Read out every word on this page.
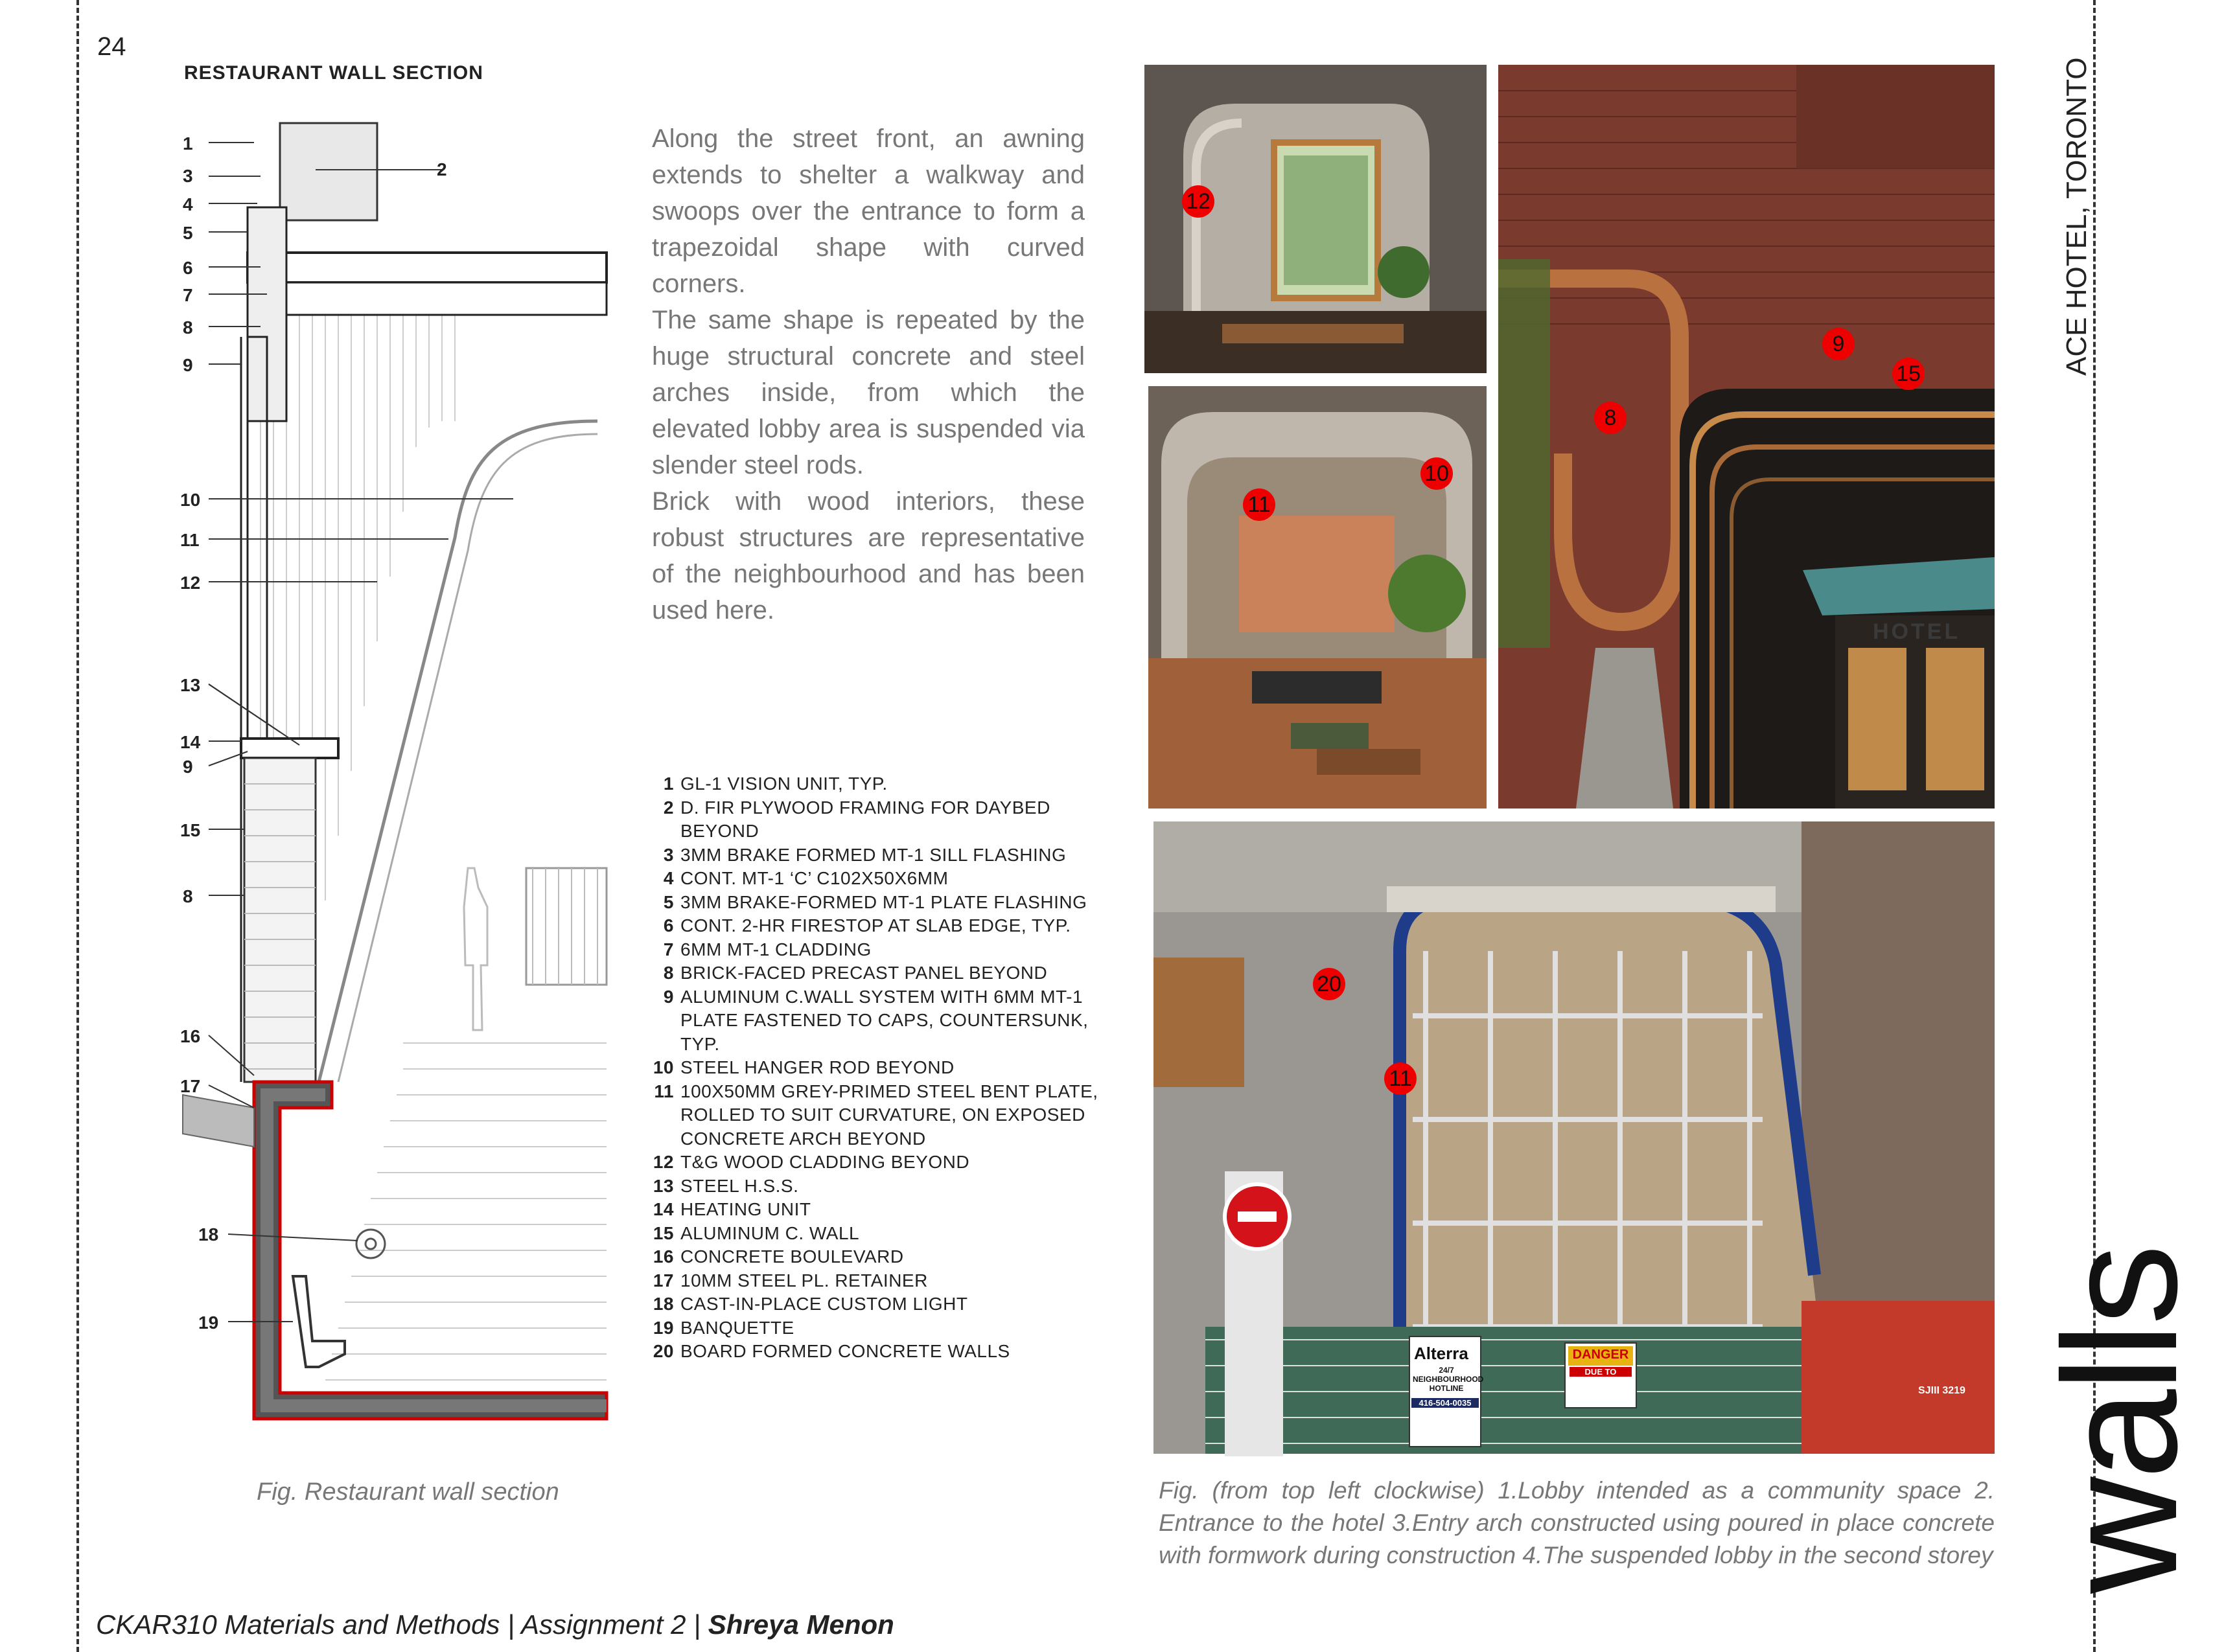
24
RESTAURANT WALL SECTION
1
3
4
5
6
7
8
9
10
11
12
13
14
9
15
8
16
17
18
19
2

Along the street front, an awning extends to shelter a walkway and swoops over the entrance to form a trapezoidal shape with curved corners.

The same shape is repeated by the huge structural concrete and steel arches inside, from which the elevated lobby area is suspended via slender steel rods.

Brick with wood interiors, these robust structures are representative of the neighbourhood and has been used here.

1 GL-1 VISION UNIT, TYP.
2 D. FIR PLYWOOD FRAMING FOR DAYBED BEYOND
3 3MM BRAKE FORMED MT-1 SILL FLASHING
4 CONT. MT-1 ‘C’ C102X50X6MM
5 3MM BRAKE-FORMED MT-1 PLATE FLASHING
6 CONT. 2-HR FIRESTOP AT SLAB EDGE, TYP.
7 6MM MT-1 CLADDING
8 BRICK-FACED PRECAST PANEL BEYOND
9 ALUMINUM C.WALL SYSTEM WITH 6MM MT-1 PLATE FASTENED TO CAPS, COUNTERSUNK, TYP.
10 STEEL HANGER ROD BEYOND
11 100X50MM GREY-PRIMED STEEL BENT PLATE, ROLLED TO SUIT CURVATURE, ON EXPOSED CONCRETE ARCH BEYOND
12 T&G WOOD CLADDING BEYOND
13 STEEL H.S.S.
14 HEATING UNIT
15 ALUMINUM C. WALL
16 CONCRETE BOULEVARD
17 10MM STEEL PL. RETAINER
18 CAST-IN-PLACE CUSTOM LIGHT
19 BANQUETTE
20 BOARD FORMED CONCRETE WALLS
Fig. Restaurant wall section
12
10
11
HOTEL
9
15
8
Alterra
24/7 NEIGHBOURHOOD HOTLINE
416-504-0035
DANGER
DUE TO
SJIII 3219
20
11
Fig. (from top left clockwise) 1.Lobby intended as a community space 2. Entrance to the hotel 3.Entry arch constructed using poured in place concrete with formwork during construction 4.The suspended lobby in the second storey
ACE HOTEL, TORONTO
walls
CKAR310 Materials and Methods | Assignment 2 | Shreya Menon
